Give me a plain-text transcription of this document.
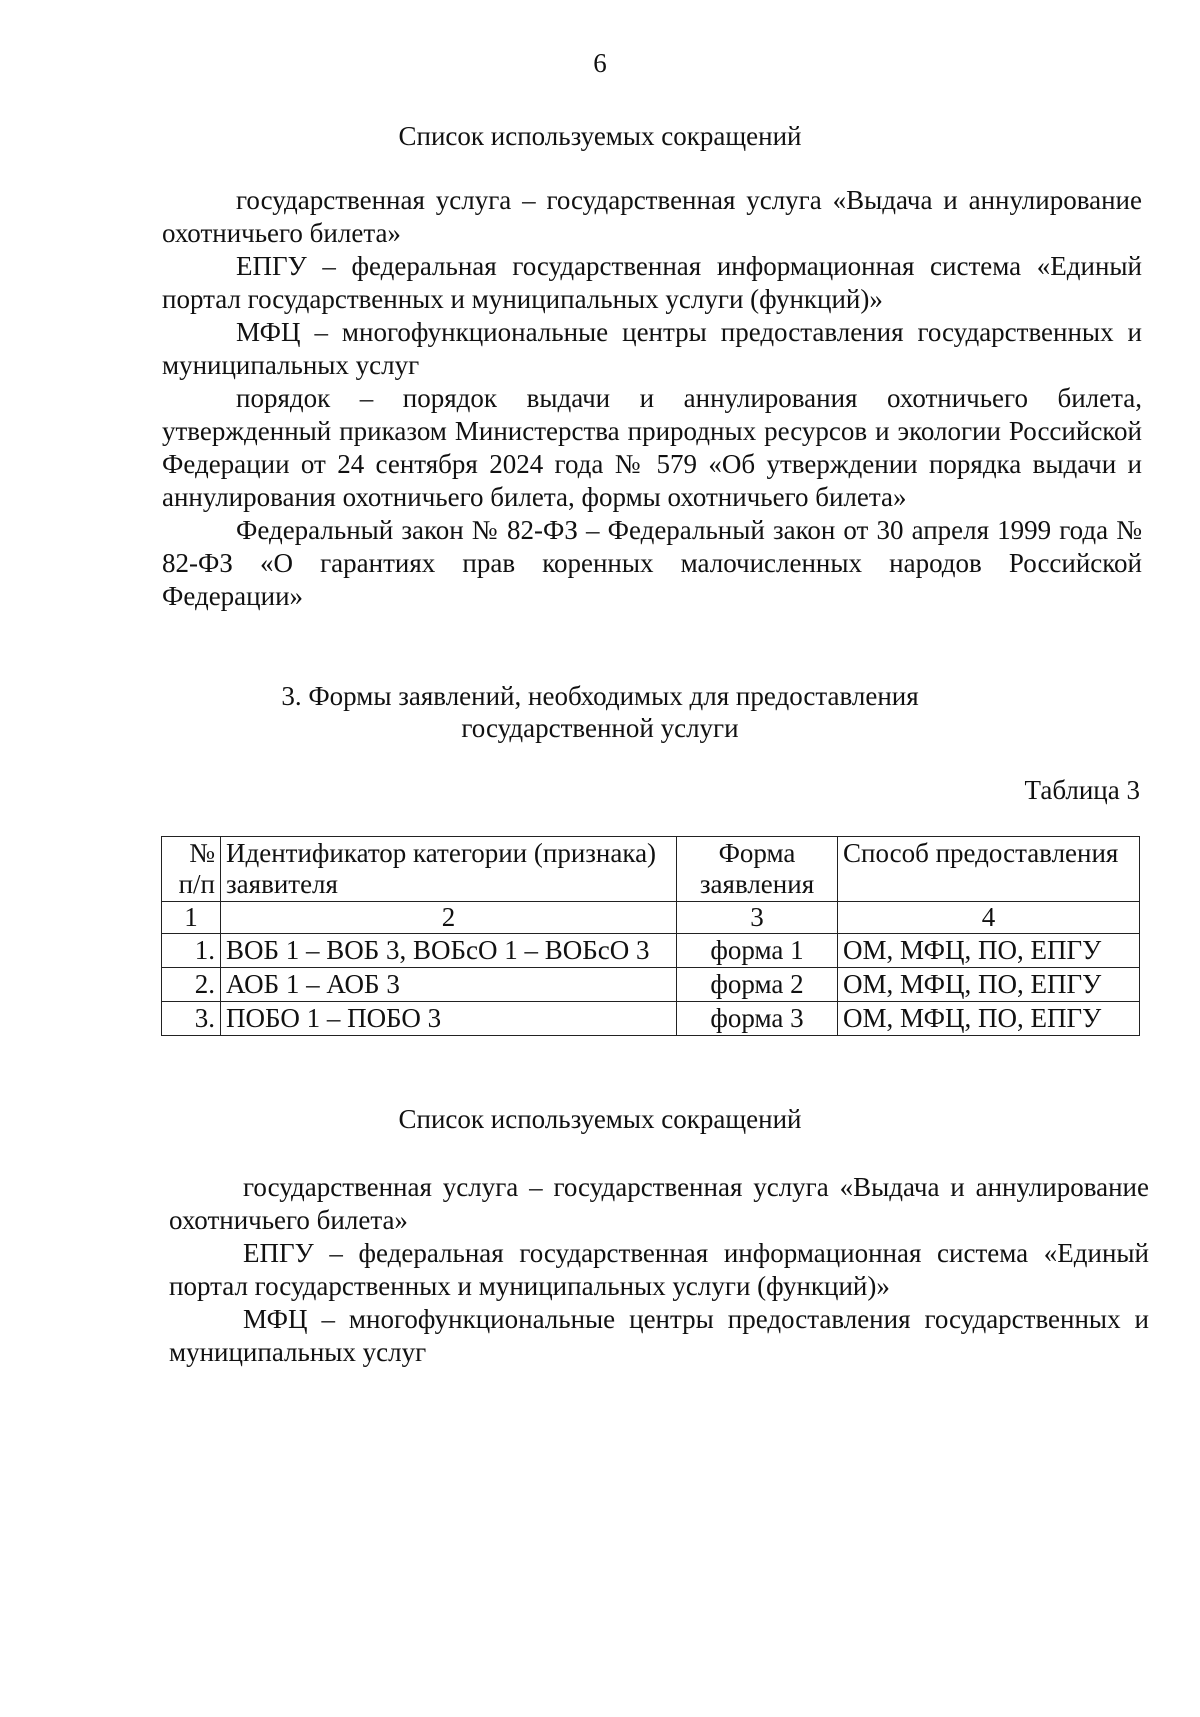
6
Список используемых сокращений

государственная услуга – государственная услуга «Выдача и аннулирование охотничьего билета»

ЕПГУ – федеральная государственная информационная система «Единый портал государственных и муниципальных услуги (функций)»

МФЦ – многофункциональные центры предоставления государственных и муниципальных услуг

порядок – порядок выдачи и аннулирования охотничьего билета, утвержденный приказом Министерства природных ресурсов и экологии Российской Федерации от 24 сентября 2024 года № 579 «Об утверждении порядка выдачи и аннулирования охотничьего билета, формы охотничьего билета»

Федеральный закон № 82-ФЗ – Федеральный закон от 30 апреля 1999 года № 82-ФЗ «О гарантиях прав коренных малочисленных народов Российской Федерации»

3. Формы заявлений, необходимых для предоставления
государственной услуги
Таблица 3
№ п/п	Идентификатор категории (признака) заявителя	Форма заявления	Способ предоставления
1	2	3	4
1.	ВОБ 1 – ВОБ 3, ВОБсО 1 – ВОБсО 3	форма 1	ОМ, МФЦ, ПО, ЕПГУ
2.	АОБ 1 – АОБ 3	форма 2	ОМ, МФЦ, ПО, ЕПГУ
3.	ПОБО 1 – ПОБО 3	форма 3	ОМ, МФЦ, ПО, ЕПГУ
Список используемых сокращений

государственная услуга – государственная услуга «Выдача и аннулирование охотничьего билета»

ЕПГУ – федеральная государственная информационная система «Единый портал государственных и муниципальных услуги (функций)»

МФЦ – многофункциональные центры предоставления государственных и муниципальных услуг
